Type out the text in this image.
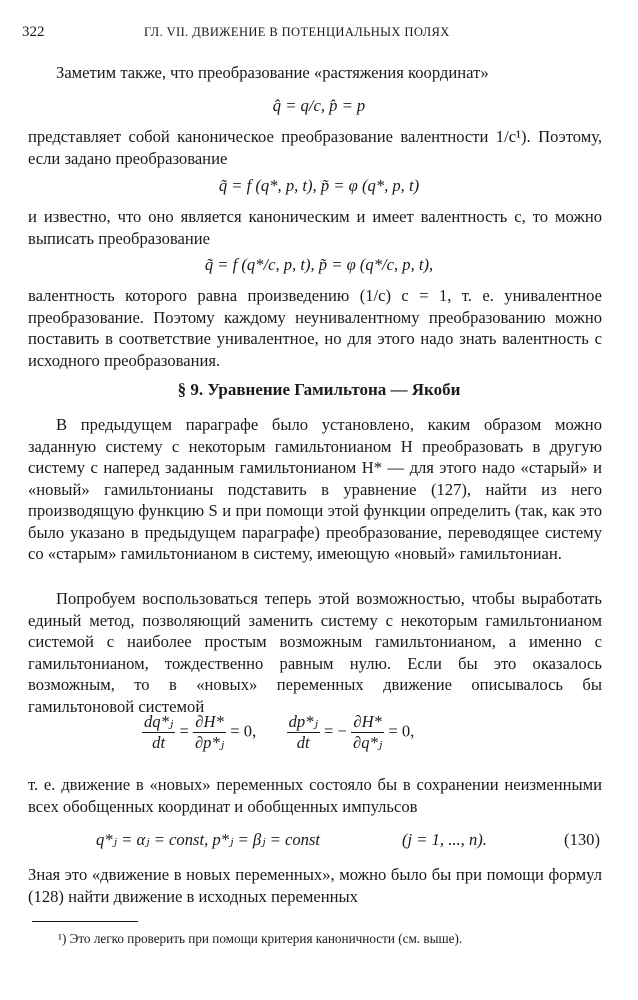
322	ГЛ. VII. ДВИЖЕНИЕ В ПОТЕНЦИАЛЬНЫХ ПОЛЯХ

Заметим также, что преобразование «растяжения координат»

q̂ = q/c, p̂ = p

представляет собой каноническое преобразование валентности 1/c¹). Поэтому, если задано преобразование

q̃ = f (q*, p, t), p̃ = φ (q*, p, t)

и известно, что оно является каноническим и имеет валентность c, то можно выписать преобразование

q̃ = f (q*/c, p, t), p̃ = φ (q*/c, p, t),

валентность которого равна произведению (1/c) c = 1, т. е. унивалентное преобразование. Поэтому каждому неунивалентному преобразованию можно поставить в соответствие унивалентное, но для этого надо знать валентность c исходного преобразования.

§ 9. Уравнение Гамильтона — Якоби

В предыдущем параграфе было установлено, каким образом можно заданную систему с некоторым гамильтонианом H преобразовать в другую систему с наперед заданным гамильтонианом H* — для этого надо «старый» и «новый» гамильтонианы подставить в уравнение (127), найти из него производящую функцию S и при помощи этой функции определить (так, как это было указано в предыдущем параграфе) преобразование, переводящее систему со «старым» гамильтонианом в систему, имеющую «новый» гамильтониан.

Попробуем воспользоваться теперь этой возможностью, чтобы выработать единый метод, позволяющий заменить систему с некоторым гамильтонианом системой с наиболее простым возможным гамильтонианом, а именно с гамильтонианом, тождественно равным нулю. Если бы это оказалось возможным, то в «новых» переменных движение описывалось бы гамильтоновой системой

$\frac{\text{dq*ⱼ}}{dt} = \frac{\partial H*}{\text{∂p*ⱼ}} = 0$, $\frac{\text{dp*ⱼ}}{dt}$ = − $\frac{\partial H*}{\text{∂q*ⱼ}} = 0$,

т. е. движение в «новых» переменных состояло бы в сохранении неизменными всех обобщенных координат и обобщенных импульсов

q*ⱼ = αⱼ = const, p*ⱼ = βⱼ = const	(j = 1, ..., n).	(130)

Зная это «движение в новых переменных», можно было бы при помощи формул (128) найти движение в исходных переменных

¹) Это легко проверить при помощи критерия каноничности (см. выше).
